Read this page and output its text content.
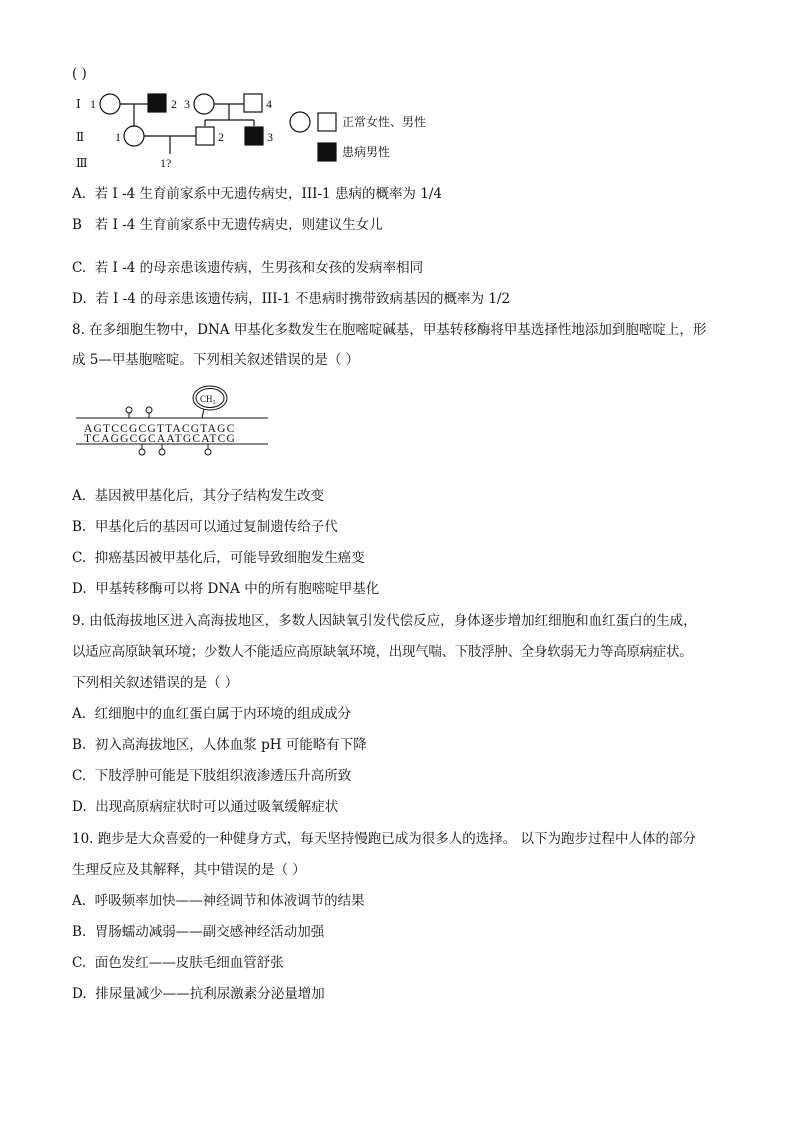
( )
Ⅰ 1	2 3	4
Ⅱ	1	2	3
Ⅲ	1?
正常女性、男性
患病男性
A. 若 I -4 生育前家系中无遗传病史，III-1 患病的概率为 1/4
B 若 I -4 生育前家系中无遗传病史，则建议生女儿
C. 若 I -4 的母亲患该遗传病，生男孩和女孩的发病率相同
D. 若 I -4 的母亲患该遗传病，III-1 不患病时携带致病基因的概率为 1/2
8. 在多细胞生物中，DNA 甲基化多数发生在胞嘧啶碱基，甲基转移酶将甲基选择性地添加到胞嘧啶上，形
成 5—甲基胞嘧啶。下列相关叙述错误的是（ ）
CH₃
AGTCCGCGTTACGTAGC
TCAGGCGCAATGCATCG
A. 基因被甲基化后，其分子结构发生改变
B. 甲基化后的基因可以通过复制遗传给子代
C. 抑癌基因被甲基化后，可能导致细胞发生癌变
D. 甲基转移酶可以将 DNA 中的所有胞嘧啶甲基化
9. 由低海拔地区进入高海拔地区，多数人因缺氧引发代偿反应，身体逐步增加红细胞和血红蛋白的生成，
以适应高原缺氧环境；少数人不能适应高原缺氧环境，出现气喘、下肢浮肿、全身软弱无力等高原病症状。
下列相关叙述错误的是（ ）
A. 红细胞中的血红蛋白属于内环境的组成成分
B. 初入高海拔地区，人体血浆 pH 可能略有下降
C. 下肢浮肿可能是下肢组织液渗透压升高所致
D. 出现高原病症状时可以通过吸氧缓解症状
10. 跑步是大众喜爱的一种健身方式，每天坚持慢跑已成为很多人的选择。 以下为跑步过程中人体的部分
生理反应及其解释，其中错误的是（ ）
A. 呼吸频率加快——神经调节和体液调节的结果
B. 胃肠蠕动减弱——副交感神经活动加强
C. 面色发红——皮肤毛细血管舒张
D. 排尿量减少——抗利尿激素分泌量增加
